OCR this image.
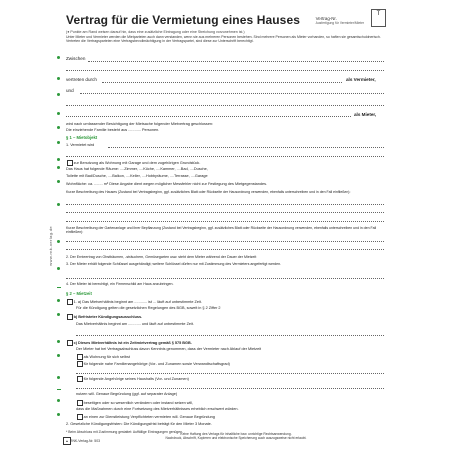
Vertrag für die Vermietung eines Hauses
(● Punkte am Rand weisen darauf hin, dass eine zusätzliche Eintragung oder eine Streichung vorzunehmen ist.)
Vertrag-Nr.
Ausfertigung für Vermieter/Mieter
T
Unter Mieter und Vermieter werden die Mietparteien auch dann verstanden, wenn sie aus mehreren Personen bestehen. Sind mehrere Personen als Mieter vorhanden, so haften sie gesamtschuldnerisch. Vertreten die Vertragsparteien eine Vertragsbevollmächtigung in der Vertragspartei, sind diese zur Unterschrift berechtigt.
Zwischen
vertreten durch	als Vermieter,
und
als Mieter,
wird nach umfassender Besichtigung der Mietsache folgender Mietvertrag geschlossen:
Die einziehende Familie besteht aus ............ Personen.
§ 1 – Mietobjekt
1. Vermietet wird
zur Benutzung als Wohnung mit Garage und dem zugehörigen Grundstück.
Das Haus hat folgende Räume: ....Zimmer, ....Küche, ....Kammer, ....Bad, ....Dusche,
Toilette mit Bad/Dusche, ....Balkon, ....Keller, ....Hobbyräume, ....Terrasse, ....Garage
Wohnfläche: ca. ........ m² Diese Angabe dient wegen möglicher Messfehler nicht zur Festlegung des Mietgegenstandes.
Kurze Beschreibung des Hauses (Zustand bei Vertragsbeginn, ggf. zusätzliches Blatt oder Rückseite der Hausordnung verwenden, ebenfalls unterschreiben und in den Fall einfließen):
Kurze Beschreibung der Gartenanlage und ihrer Bepflanzung (Zustand bei Vertragsbeginn, ggf. zusätzliches Blatt oder Rückseite der Hausordnung verwenden, ebenfalls unterschreiben und in den Fall einfließen):
2. Der Ernteertrag von Obstbäumen, -sträuchern, Gemüsegarten usw. steht dem Mieter während der Dauer der Mietzeit
3. Der Mieter erhält folgende Schlüssel ausgehändigt; weitere Schlüssel dürfen nur mit Zustimmung des Vermieters angefertigt werden.
4. Der Mieter ist berechtigt, ein Firmenschild am Haus anzubringen.
§ 2 – Mietzeit
1. a) Das Mietverhältnis beginnt am ............ ist ... läuft auf unbestimmte Zeit.
Für die Kündigung gelten die gesetzlichen Regelungen des BGB, soweit in § 2 Ziffer 2
b) Befristeter Kündigungsausschluss.
Das Mietverhältnis beginnt am ............ und läuft auf unbestimmte Zeit.
c) Dieses Mietverhältnis ist ein Zeitmietvertrag gemäß § 575 BGB.
Der Mieter hat bei Vertragsabschluss davon Kenntnis genommen, dass der Vermieter nach Ablauf der Mietzeit
als Wohnung für sich selbst
für folgende nahe Familienangehörige (Vor- und Zunamen sowie Verwandtschaftsgrad)
für folgende Angehörige seines Haushalts (Vor- und Zunamen)
nutzen will. Genaue Begründung (ggf. auf separater Anlage)
beseitigen oder so wesentlich verändern oder instand setzen will,
dass die Maßnahmen durch eine Fortsetzung des Mietverhältnisses erheblich erschwert würden.
an einen zur Dienstleistung Verpflichteten vermieten will. Genaue Begründung
2. Gesetzliche Kündigungsfristen: Die Kündigungsfrist beträgt für den Mieter 3 Monate.
* Beim Abschluss mit Zustimmung gestattet: Auffällige Eintragungen genügen.
www.rnk-verlag.de
Keine Haftung des Verlags für inhaltliche bzw. unrichtige Rechtsanwendung.
Nachdruck, Abschrift, Kopieren und elektronische Speicherung auch auszugsweise nicht erlaubt.
▲ RNK-Verlag-Nr. 503
